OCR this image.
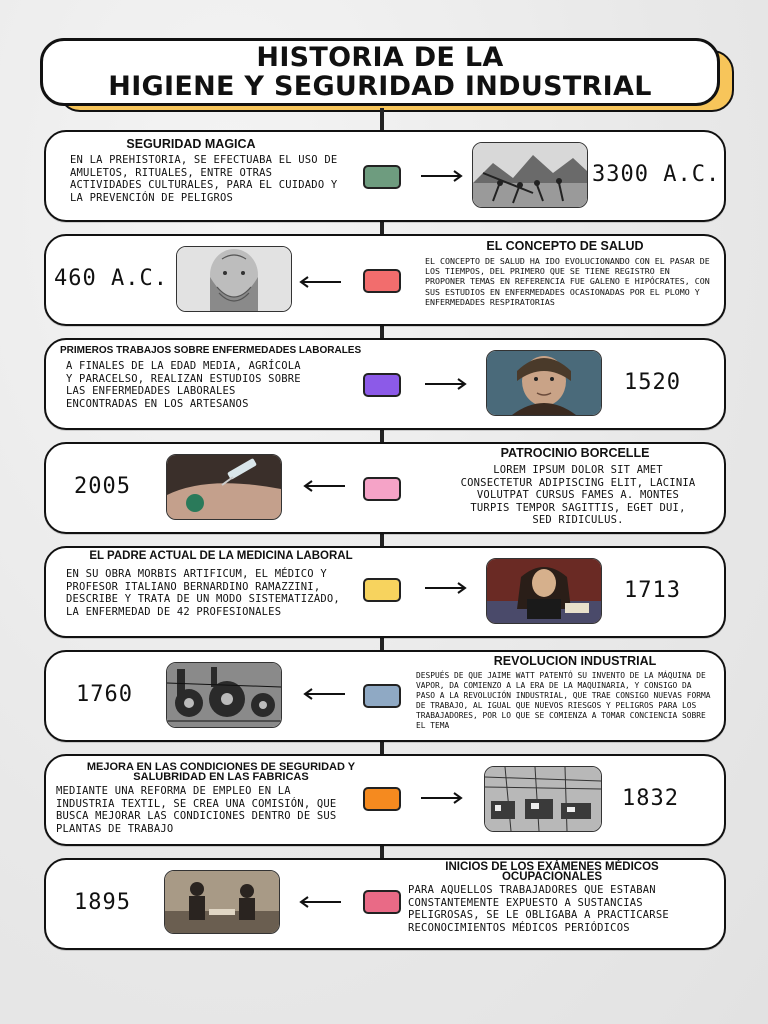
HISTORIA DE LA
HIGIENE Y SEGURIDAD INDUSTRIAL
SEGURIDAD MAGICA
EN LA PREHISTORIA, SE EFECTUABA EL USO DE AMULETOS, RITUALES, ENTRE OTRAS ACTIVIDADES CULTURALES, PARA EL CUIDADO Y LA PREVENCIÓN DE PELIGROS
3300 A.C.
460 A.C.
EL CONCEPTO DE SALUD
EL CONCEPTO DE SALUD HA IDO EVOLUCIONANDO CON EL PASAR DE LOS TIEMPOS, DEL PRIMERO QUE SE TIENE REGISTRO EN PROPONER TEMAS EN REFERENCIA FUE GALENO E HIPÓCRATES, CON SUS ESTUDIOS EN ENFERMEDADES OCASIONADAS POR EL PLOMO Y ENFERMEDADES RESPIRATORIAS
PRIMEROS TRABAJOS SOBRE ENFERMEDADES LABORALES
A FINALES DE LA EDAD MEDIA, AGRÍCOLA Y PARACELSO, REALIZAN ESTUDIOS SOBRE LAS ENFERMEDADES LABORALES ENCONTRADAS EN LOS ARTESANOS
1520
2005
PATROCINIO BORCELLE
LOREM IPSUM DOLOR SIT AMET CONSECTETUR ADIPISCING ELIT, LACINIA VOLUTPAT CURSUS FAMES A. MONTES TURPIS TEMPOR SAGITTIS, EGET DUI, SED RIDICULUS.
EL PADRE ACTUAL DE LA MEDICINA LABORAL
EN SU OBRA MORBIS ARTIFICUM, EL MÉDICO Y PROFESOR ITALIANO BERNARDINO RAMAZZINI, DESCRIBE Y TRATA DE UN MODO SISTEMATIZADO, LA ENFERMEDAD DE 42 PROFESIONALES
1713
1760
REVOLUCION INDUSTRIAL
DESPUÉS DE QUE JAIME WATT PATENTÓ SU INVENTO DE LA MÁQUINA DE VAPOR, DA COMIENZO A LA ERA DE LA MAQUINARIA, Y CONSIGO DA PASO A LA REVOLUCIÓN INDUSTRIAL, QUE TRAE CONSIGO NUEVAS FORMA DE TRABAJO, AL IGUAL QUE NUEVOS RIESGOS Y PELIGROS PARA LOS TRABAJADORES, POR LO QUE SE COMIENZA A TOMAR CONCIENCIA SOBRE EL TEMA
MEJORA EN LAS CONDICIONES DE SEGURIDAD Y SALUBRIDAD EN LAS FABRICAS
MEDIANTE UNA REFORMA DE EMPLEO EN LA INDUSTRIA TEXTIL, SE CREA UNA COMISIÓN, QUE BUSCA MEJORAR LAS CONDICIONES DENTRO DE SUS PLANTAS DE TRABAJO
1832
1895
INICIOS DE LOS EXÁMENES MÉDICOS OCUPACIONALES
PARA AQUELLOS TRABAJADORES QUE ESTABAN CONSTANTEMENTE EXPUESTO A SUSTANCIAS PELIGROSAS, SE LE OBLIGABA A PRACTICARSE RECONOCIMIENTOS MÉDICOS PERIÓDICOS
